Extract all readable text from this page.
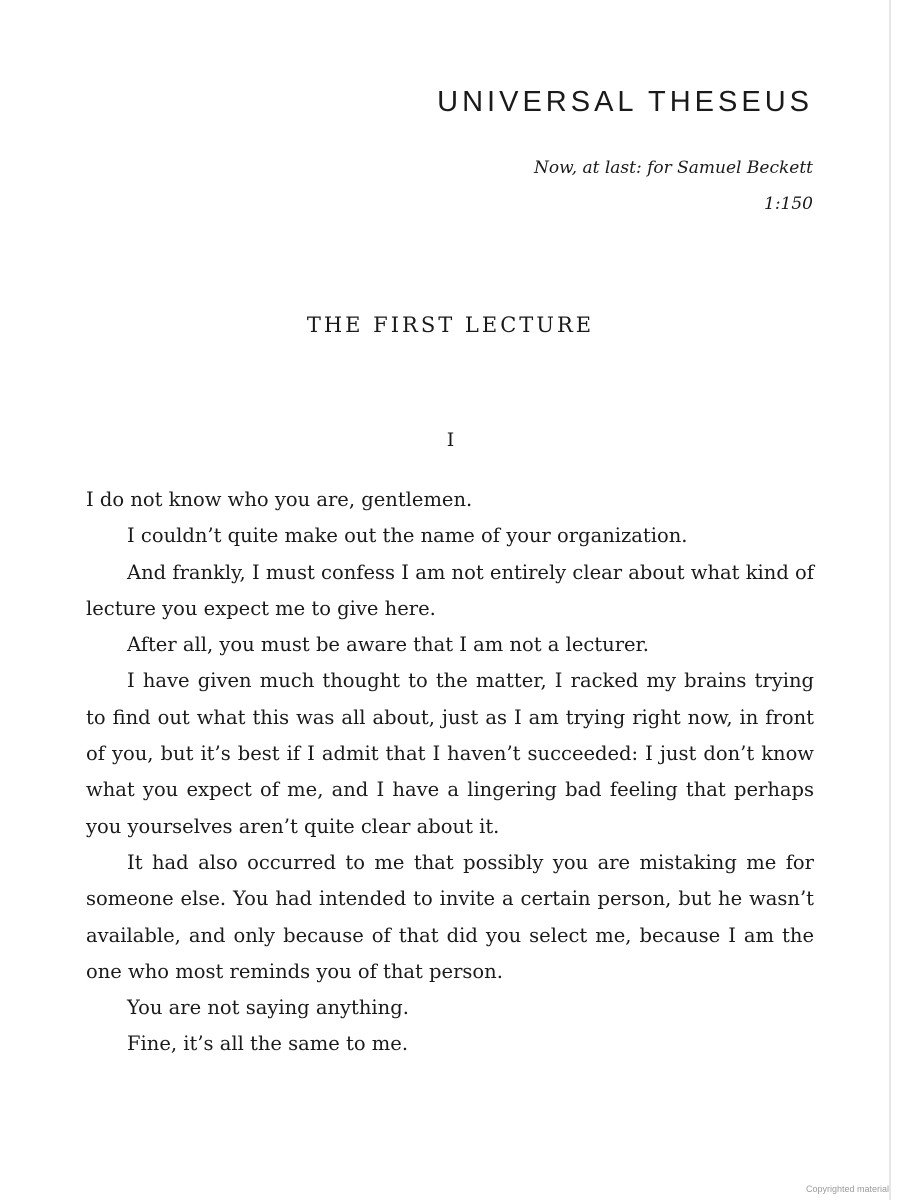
UNIVERSAL THESEUS
Now, at last: for Samuel Beckett
1:150
THE FIRST LECTURE
I

I do not know who you are, gentlemen.

I couldn’t quite make out the name of your organization.

And frankly, I must confess I am not entirely clear about what kind of lecture you expect me to give here.

After all, you must be aware that I am not a lecturer.

I have given much thought to the matter, I racked my brains trying to find out what this was all about, just as I am trying right now, in front of you, but it’s best if I admit that I haven’t succeeded: I just don’t know what you expect of me, and I have a lingering bad feeling that perhaps you yourselves aren’t quite clear about it.

It had also occurred to me that possibly you are mistaking me for someone else. You had intended to invite a certain person, but he wasn’t available, and only because of that did you select me, because I am the one who most reminds you of that person.

You are not saying anything.

Fine, it’s all the same to me.

Copyrighted material
